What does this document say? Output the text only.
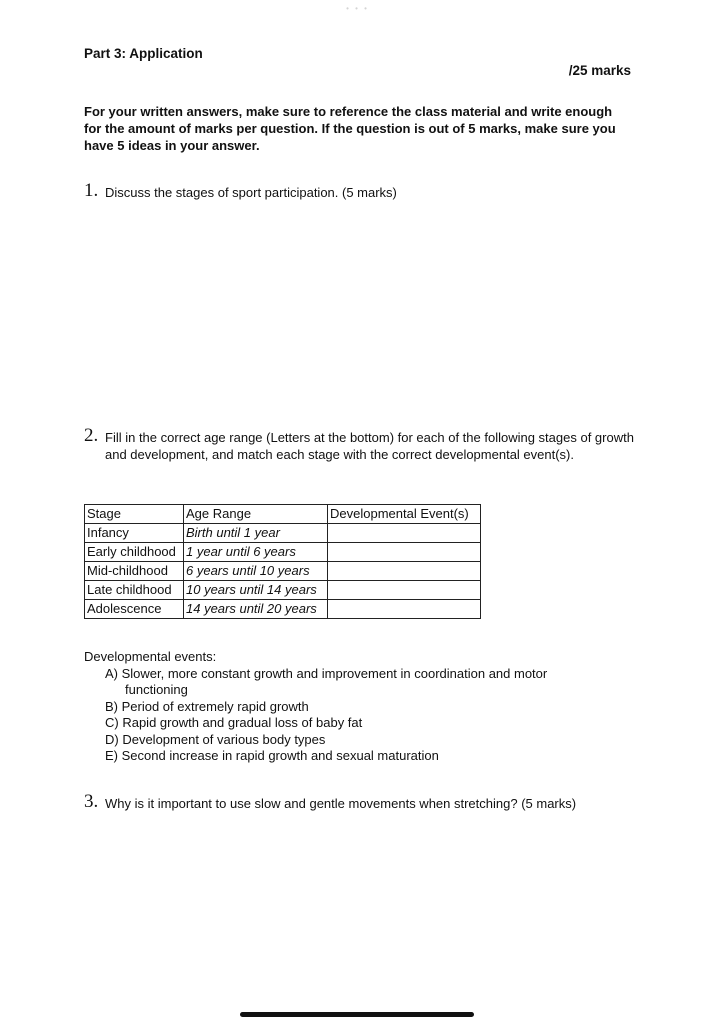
• • •
Part 3: Application
/25 marks
For your written answers, make sure to reference the class material and write enough for the amount of marks per question. If the question is out of 5 marks, make sure you have 5 ideas in your answer.
1. Discuss the stages of sport participation. (5 marks)
2. Fill in the correct age range (Letters at the bottom) for each of the following stages of growth and development, and match each stage with the correct developmental event(s).
Stage	Age Range	Developmental Event(s)
Infancy	Birth until 1 year	
Early childhood	1 year until 6 years	
Mid-childhood	6 years until 10 years	
Late childhood	10 years until 14 years	
Adolescence	14 years until 20 years	
Developmental events:
A) Slower, more constant growth and improvement in coordination and motor functioning
B) Period of extremely rapid growth
C) Rapid growth and gradual loss of baby fat
D) Development of various body types
E) Second increase in rapid growth and sexual maturation
3. Why is it important to use slow and gentle movements when stretching? (5 marks)
